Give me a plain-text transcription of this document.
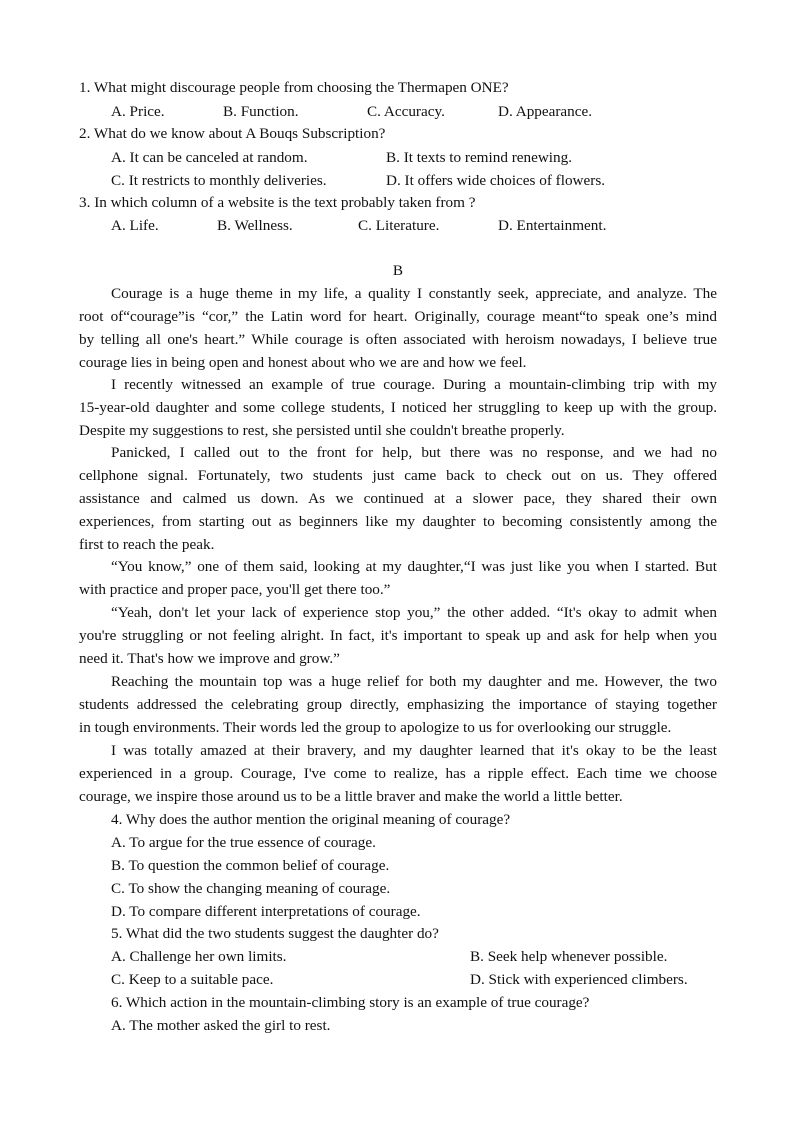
1. What might discourage people from choosing the Thermapen ONE?
A. Price.	B. Function.	C. Accuracy.	D. Appearance.
2. What do we know about A Bouqs Subscription?
A. It can be canceled at random.	B. It texts to remind renewing.
C. It restricts to monthly deliveries.	D. It offers wide choices of flowers.
3. In which column of a website is the text probably taken from ?
A. Life.	B. Wellness.	C. Literature.	D. Entertainment.
B
Courage is a huge theme in my life, a quality I constantly seek, appreciate, and analyze. The
root of“courage”is “cor,” the Latin word for heart. Originally, courage meant“to speak one’s mind
by telling all one's heart.” While courage is often associated with heroism nowadays, I believe true
courage lies in being open and honest about who we are and how we feel.
I recently witnessed an example of true courage. During a mountain-climbing trip with my
15-year-old daughter and some college students, I noticed her struggling to keep up with the group.
Despite my suggestions to rest, she persisted until she couldn't breathe properly.
Panicked, I called out to the front for help, but there was no response, and we had no
cellphone signal. Fortunately, two students just came back to check out on us. They offered
assistance and calmed us down. As we continued at a slower pace, they shared their own
experiences, from starting out as beginners like my daughter to becoming consistently among the
first to reach the peak.
“You know,” one of them said, looking at my daughter,“I was just like you when I started. But
with practice and proper pace, you'll get there too.”
“Yeah, don't let your lack of experience stop you,” the other added. “It's okay to admit when
you're struggling or not feeling alright. In fact, it's important to speak up and ask for help when you
need it. That's how we improve and grow.”
Reaching the mountain top was a huge relief for both my daughter and me. However, the two
students addressed the celebrating group directly, emphasizing the importance of staying together
in tough environments. Their words led the group to apologize to us for overlooking our struggle.
I was totally amazed at their bravery, and my daughter learned that it's okay to be the least
experienced in a group. Courage, I've come to realize, has a ripple effect. Each time we choose
courage, we inspire those around us to be a little braver and make the world a little better.
4. Why does the author mention the original meaning of courage?
A. To argue for the true essence of courage.
B. To question the common belief of courage.
C. To show the changing meaning of courage.
D. To compare different interpretations of courage.
5. What did the two students suggest the daughter do?
A. Challenge her own limits.	B. Seek help whenever possible.
C. Keep to a suitable pace.	D. Stick with experienced climbers.
6. Which action in the mountain-climbing story is an example of true courage?
A. The mother asked the girl to rest.
